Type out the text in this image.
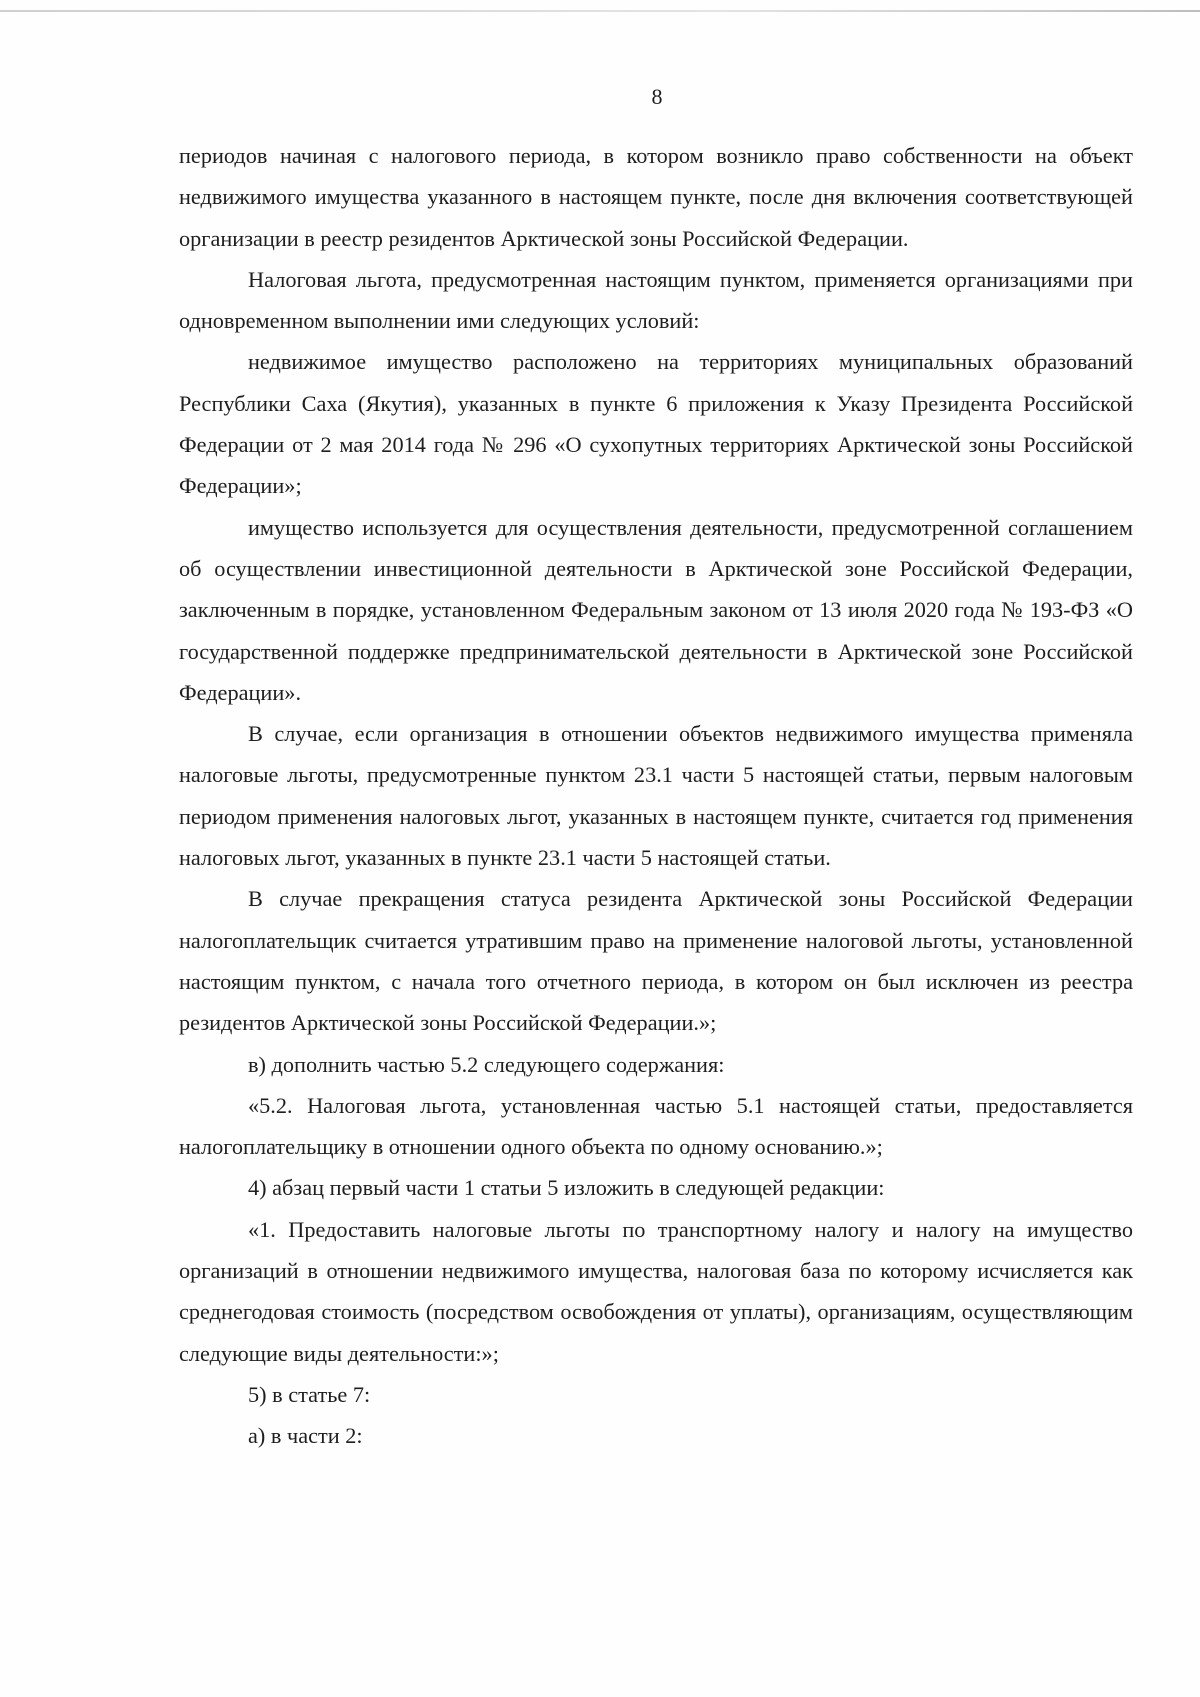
8

периодов начиная с налогового периода, в котором возникло право собственности на объект недвижимого имущества указанного в настоящем пункте, после дня включения соответствующей организации в реестр резидентов Арктической зоны Российской Федерации.

Налоговая льгота, предусмотренная настоящим пунктом, применяется организациями при одновременном выполнении ими следующих условий:

недвижимое имущество расположено на территориях муниципальных образований Республики Саха (Якутия), указанных в пункте 6 приложения к Указу Президента Российской Федерации от 2 мая 2014 года № 296 «О сухопутных территориях Арктической зоны Российской Федерации»;

имущество используется для осуществления деятельности, предусмотренной соглашением об осуществлении инвестиционной деятельности в Арктической зоне Российской Федерации, заключенным в порядке, установленном Федеральным законом от 13 июля 2020 года № 193-ФЗ «О государственной поддержке предпринимательской деятельности в Арктической зоне Российской Федерации».

В случае, если организация в отношении объектов недвижимого имущества применяла налоговые льготы, предусмотренные пунктом 23.1 части 5 настоящей статьи, первым налоговым периодом применения налоговых льгот, указанных в настоящем пункте, считается год применения налоговых льгот, указанных в пункте 23.1 части 5 настоящей статьи.

В случае прекращения статуса резидента Арктической зоны Российской Федерации налогоплательщик считается утратившим право на применение налоговой льготы, установленной настоящим пунктом, с начала того отчетного периода, в котором он был исключен из реестра резидентов Арктической зоны Российской Федерации.»;

в) дополнить частью 5.2 следующего содержания:

«5.2. Налоговая льгота, установленная частью 5.1 настоящей статьи, предоставляется налогоплательщику в отношении одного объекта по одному основанию.»;

4) абзац первый части 1 статьи 5 изложить в следующей редакции:

«1. Предоставить налоговые льготы по транспортному налогу и налогу на имущество организаций в отношении недвижимого имущества, налоговая база по которому исчисляется как среднегодовая стоимость (посредством освобождения от уплаты), организациям, осуществляющим следующие виды деятельности:»;

5) в статье 7:

а) в части 2:
